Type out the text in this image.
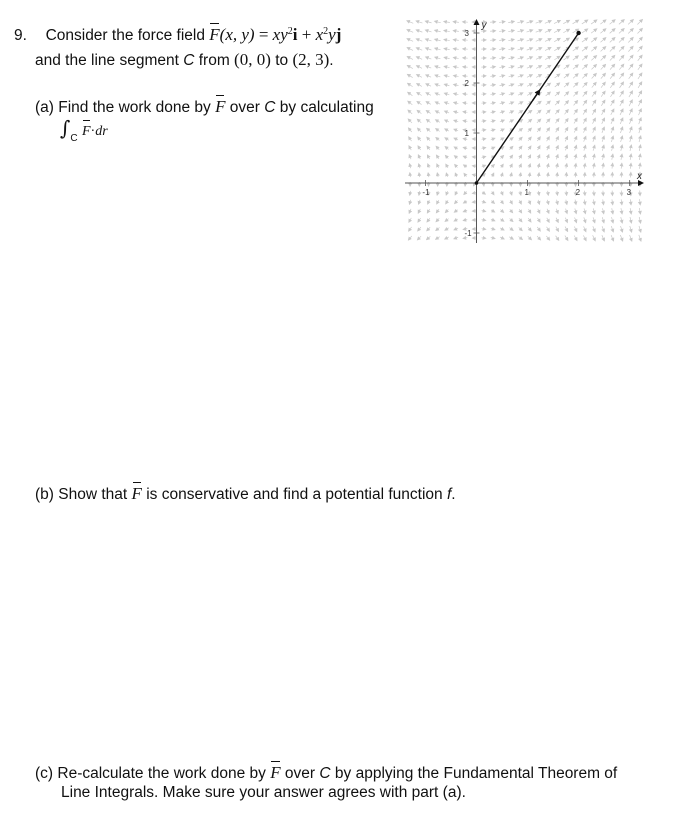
9. Consider the force field F(x, $y) = xy^2i + x^2yj$
and the line segment C from (0, 0) to (2, 3).
(a) Find the work done by F over C by calculating
$\int_C$ F·dr
x
y
-1	1	2	3
3
2
1
-1
(b) Show that F is conservative and find a potential function f.
(c) Re-calculate the work done by F over C by applying the Fundamental Theorem of
Line Integrals. Make sure your answer agrees with part (a).
